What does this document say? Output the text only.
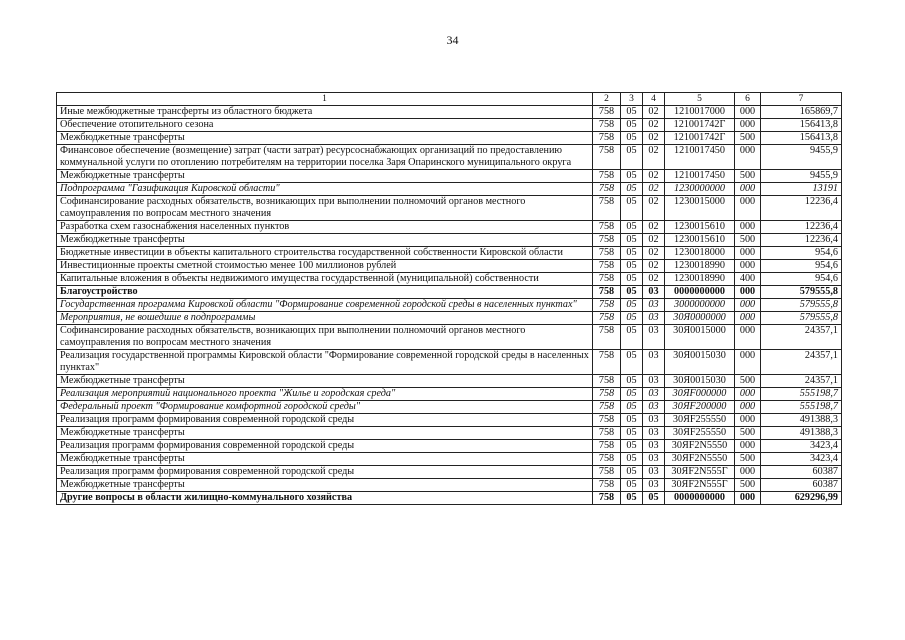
34
1	2	3	4	5	6	7
Иные межбюджетные трансферты из областного бюджета	758	05	02	1210017000	000	165869,7
Обеспечение отопительного сезона	758	05	02	121001742Г	000	156413,8
Межбюджетные трансферты	758	05	02	121001742Г	500	156413,8
Финансовое обеспечение (возмещение) затрат (части затрат) ресурсоснабжающих организаций по предоставлению коммунальной услуги по отоплению потребителям на территории поселка Заря Опаринского муниципального округа	758	05	02	1210017450	000	9455,9
Межбюджетные трансферты	758	05	02	1210017450	500	9455,9
Подпрограмма "Газификация Кировской области"	758	05	02	1230000000	000	13191
Софинансирование расходных обязательств, возникающих при выполнении полномочий органов местного самоуправления по вопросам местного значения	758	05	02	1230015000	000	12236,4
Разработка схем газоснабжения населенных пунктов	758	05	02	1230015610	000	12236,4
Межбюджетные трансферты	758	05	02	1230015610	500	12236,4
Бюджетные инвестиции в объекты капитального строительства государственной собственности Кировской области	758	05	02	1230018000	000	954,6
Инвестиционные проекты сметной стоимостью менее 100 миллионов рублей	758	05	02	1230018990	000	954,6
Капитальные вложения в объекты недвижимого имущества государственной (муниципальной) собственности	758	05	02	1230018990	400	954,6
Благоустройство	758	05	03	0000000000	000	579555,8
Государственная программа Кировской области "Формирование современной городской среды в населенных пунктах"	758	05	03	3000000000	000	579555,8
Мероприятия, не вошедшие в подпрограммы	758	05	03	30Я0000000	000	579555,8
Софинансирование расходных обязательств, возникающих при выполнении полномочий органов местного самоуправления по вопросам местного значения	758	05	03	30Я0015000	000	24357,1
Реализация государственной программы Кировской области "Формирование современной городской среды в населенных пунктах"	758	05	03	30Я0015030	000	24357,1
Межбюджетные трансферты	758	05	03	30Я0015030	500	24357,1
Реализация мероприятий национального проекта "Жилье и городская среда"	758	05	03	30ЯF000000	000	555198,7
Федеральный проект "Формирование комфортной городской среды"	758	05	03	30ЯF200000	000	555198,7
Реализация программ формирования современной городской среды	758	05	03	30ЯF255550	000	491388,3
Межбюджетные трансферты	758	05	03	30ЯF255550	500	491388,3
Реализация программ формирования современной городской среды	758	05	03	30ЯF2N5550	000	3423,4
Межбюджетные трансферты	758	05	03	30ЯF2N5550	500	3423,4
Реализация программ формирования современной городской среды	758	05	03	30ЯF2N555Г	000	60387
Межбюджетные трансферты	758	05	03	30ЯF2N555Г	500	60387
Другие вопросы в области жилищно-коммунального хозяйства	758	05	05	0000000000	000	629296,99
